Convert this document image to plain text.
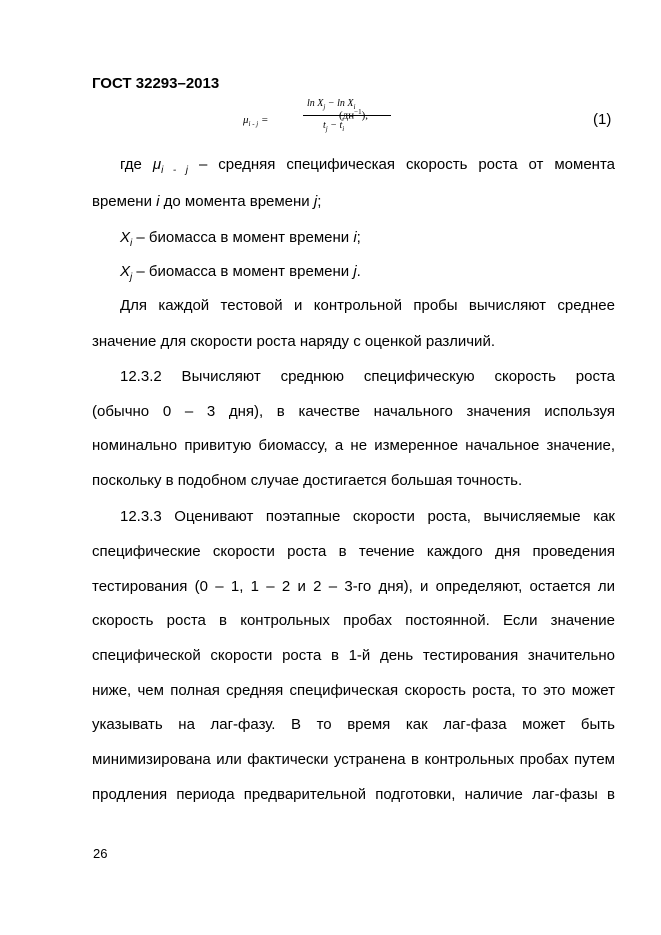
ГОСТ 32293–2013
$\mu_{i - j}$ =
$\ln X_j - \ln X_i$
$t_j - t_i$
$(дн^{-1})$,	(1)
где $\mu_{i - j}$ – средняя специфическая скорость роста от момента
времени i до момента времени j;
$X_i$ – биомасса в момент времени i;
$X_j$ – биомасса в момент времени j.
Для каждой тестовой и контрольной пробы вычисляют среднее
значение для скорости роста наряду с оценкой различий.
12.3.2 Вычисляют среднюю специфическую скорость роста
(обычно 0 – 3 дня), в качестве начального значения используя
номинально привитую биомассу, а не измеренное начальное значение,
поскольку в подобном случае достигается большая точность.
12.3.3 Оценивают поэтапные скорости роста, вычисляемые как
специфические скорости роста в течение каждого дня проведения
тестирования (0 – 1, 1 – 2 и 2 – 3-го дня), и определяют, остается ли
скорость роста в контрольных пробах постоянной. Если значение
специфической скорости роста в 1-й день тестирования значительно
ниже, чем полная средняя специфическая скорость роста, то это может
указывать на лаг-фазу. В то время как лаг-фаза может быть
минимизирована или фактически устранена в контрольных пробах путем
продления периода предварительной подготовки, наличие лаг-фазы в
26
